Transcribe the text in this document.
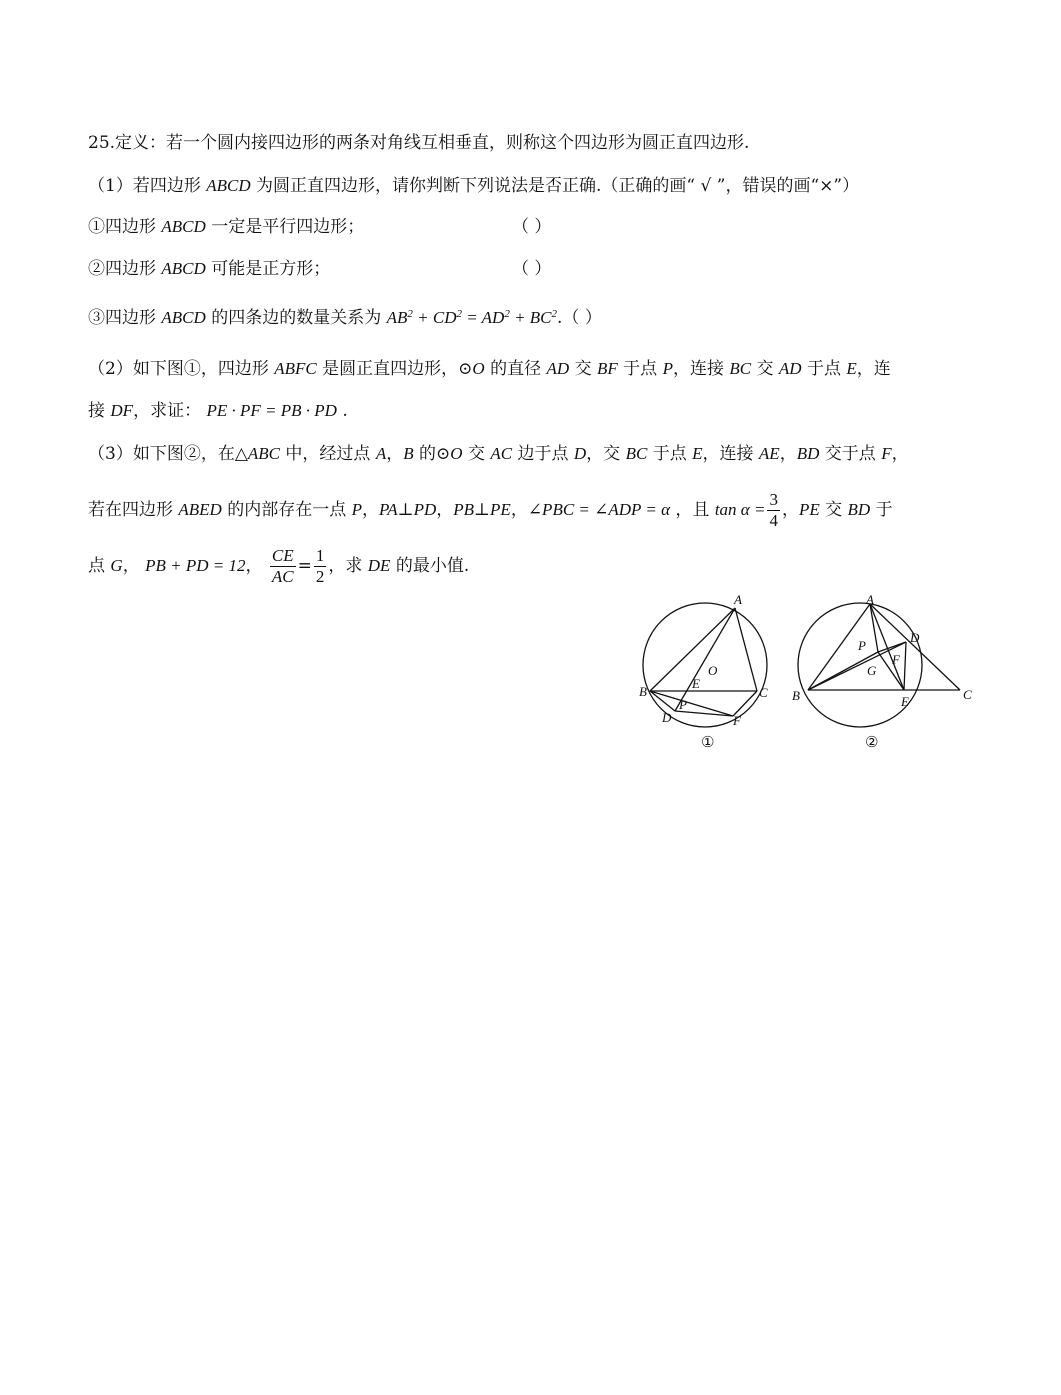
25.定义：若一个圆内接四边形的两条对角线互相垂直，则称这个四边形为圆正直四边形.
（1）若四边形 ABCD 为圆正直四边形，请你判断下列说法是否正确.（正确的画“ √ ”，错误的画“×”）
①四边形 ABCD 一定是平行四边形；	（ ）
②四边形 ABCD 可能是正方形；	（ ）
③四边形 ABCD 的四条边的数量关系为 $AB^2 + CD^2 = AD^2 + BC^2$.（ ）
（2）如下图①，四边形 ABFC 是圆正直四边形，⊙O 的直径 AD 交 BF 于点 P，连接 BC 交 AD 于点 E，连
接 DF，求证： PE · PF = PB · PD .
（3）如下图②，在△ABC 中，经过点 A，B 的⊙O 交 AC 边于点 D，交 BC 于点 E，连接 AE，BD 交于点 F，
若在四边形 ABED 的内部存在一点 P，PA⊥PD，PB⊥PE，∠PBC = ∠ADP = α ，且 $\tan \alpha = \frac{3}{4}$ ，PE 交 BD 于
点 G， PB + PD = 12， $\frac{CE}{AC} = \frac{1}{2}$ ，求 DE 的最小值.
A
O
E
B	C
P
D	F
①
A
P
D
G
F
B	E	C
②
